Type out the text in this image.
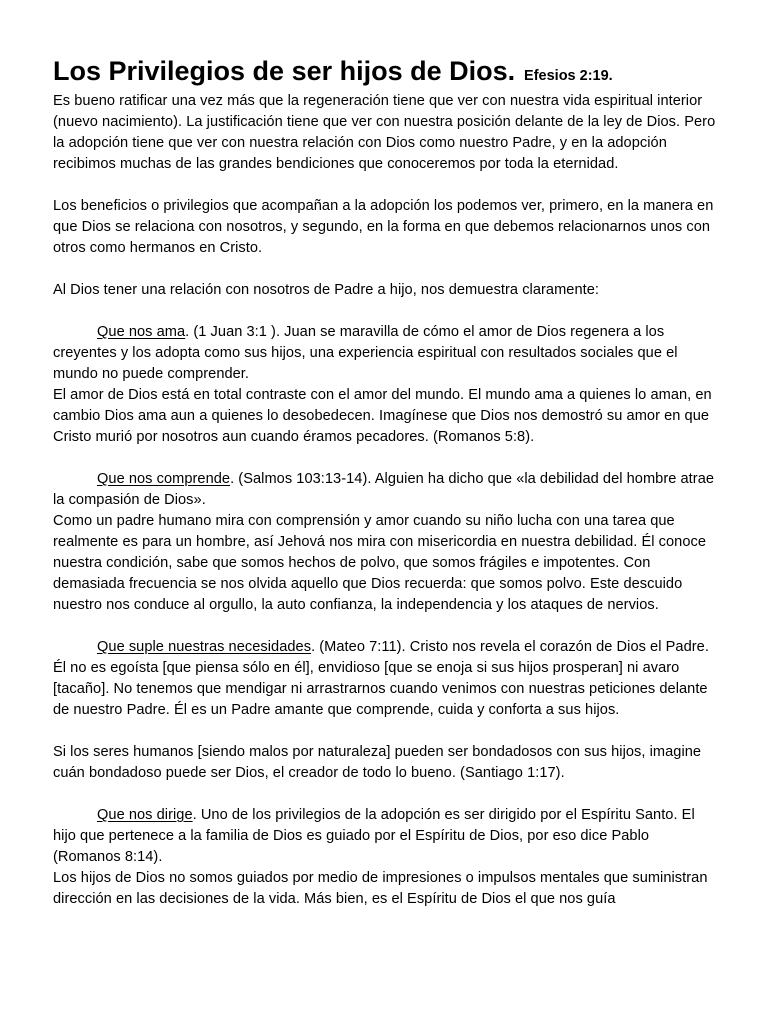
Los Privilegios de ser hijos de Dios. Efesios 2:19.

Es bueno ratificar una vez más que la regeneración tiene que ver con nuestra vida espiritual interior (nuevo nacimiento). La justificación tiene que ver con nuestra posición delante de la ley de Dios. Pero la adopción tiene que ver con nuestra relación con Dios como nuestro Padre, y en la adopción recibimos muchas de las grandes bendiciones que conoceremos por toda la eternidad.

Los beneficios o privilegios que acompañan a la adopción los podemos ver, primero, en la manera en que Dios se relaciona con nosotros, y segundo, en la forma en que debemos relacionarnos unos con otros como hermanos en Cristo.

Al Dios tener una relación con nosotros de Padre a hijo, nos demuestra claramente:

Que nos ama. (1 Juan 3:1 ). Juan se maravilla de cómo el amor de Dios regenera a los creyentes y los adopta como sus hijos, una experiencia espiritual con resultados sociales que el mundo no puede comprender.

El amor de Dios está en total contraste con el amor del mundo. El mundo ama a quienes lo aman, en cambio Dios ama aun a quienes lo desobedecen. Imagínese que Dios nos demostró su amor en que Cristo murió por nosotros aun cuando éramos pecadores. (Romanos 5:8).

Que nos comprende. (Salmos 103:13-14). Alguien ha dicho que «la debilidad del hombre atrae la compasión de Dios».

Como un padre humano mira con comprensión y amor cuando su niño lucha con una tarea que realmente es para un hombre, así Jehová nos mira con misericordia en nuestra debilidad. Él conoce nuestra condición, sabe que somos hechos de polvo, que somos frágiles e impotentes. Con demasiada frecuencia se nos olvida aquello que Dios recuerda: que somos polvo. Este descuido nuestro nos conduce al orgullo, la auto confianza, la independencia y los ataques de nervios.

Que suple nuestras necesidades. (Mateo 7:11). Cristo nos revela el corazón de Dios el Padre.

Él no es egoísta [que piensa sólo en él], envidioso [que se enoja si sus hijos prosperan] ni avaro [tacaño]. No tenemos que mendigar ni arrastrarnos cuando venimos con nuestras peticiones delante de nuestro Padre. Él es un Padre amante que comprende, cuida y conforta a sus hijos.

Si los seres humanos [siendo malos por naturaleza] pueden ser bondadosos con sus hijos, imagine cuán bondadoso puede ser Dios, el creador de todo lo bueno. (Santiago 1:17).

Que nos dirige. Uno de los privilegios de la adopción es ser dirigido por el Espíritu Santo. El hijo que pertenece a la familia de Dios es guiado por el Espíritu de Dios, por eso dice Pablo (Romanos 8:14).

Los hijos de Dios no somos guiados por medio de impresiones o impulsos mentales que suministran dirección en las decisiones de la vida. Más bien, es el Espíritu de Dios el que nos guía
